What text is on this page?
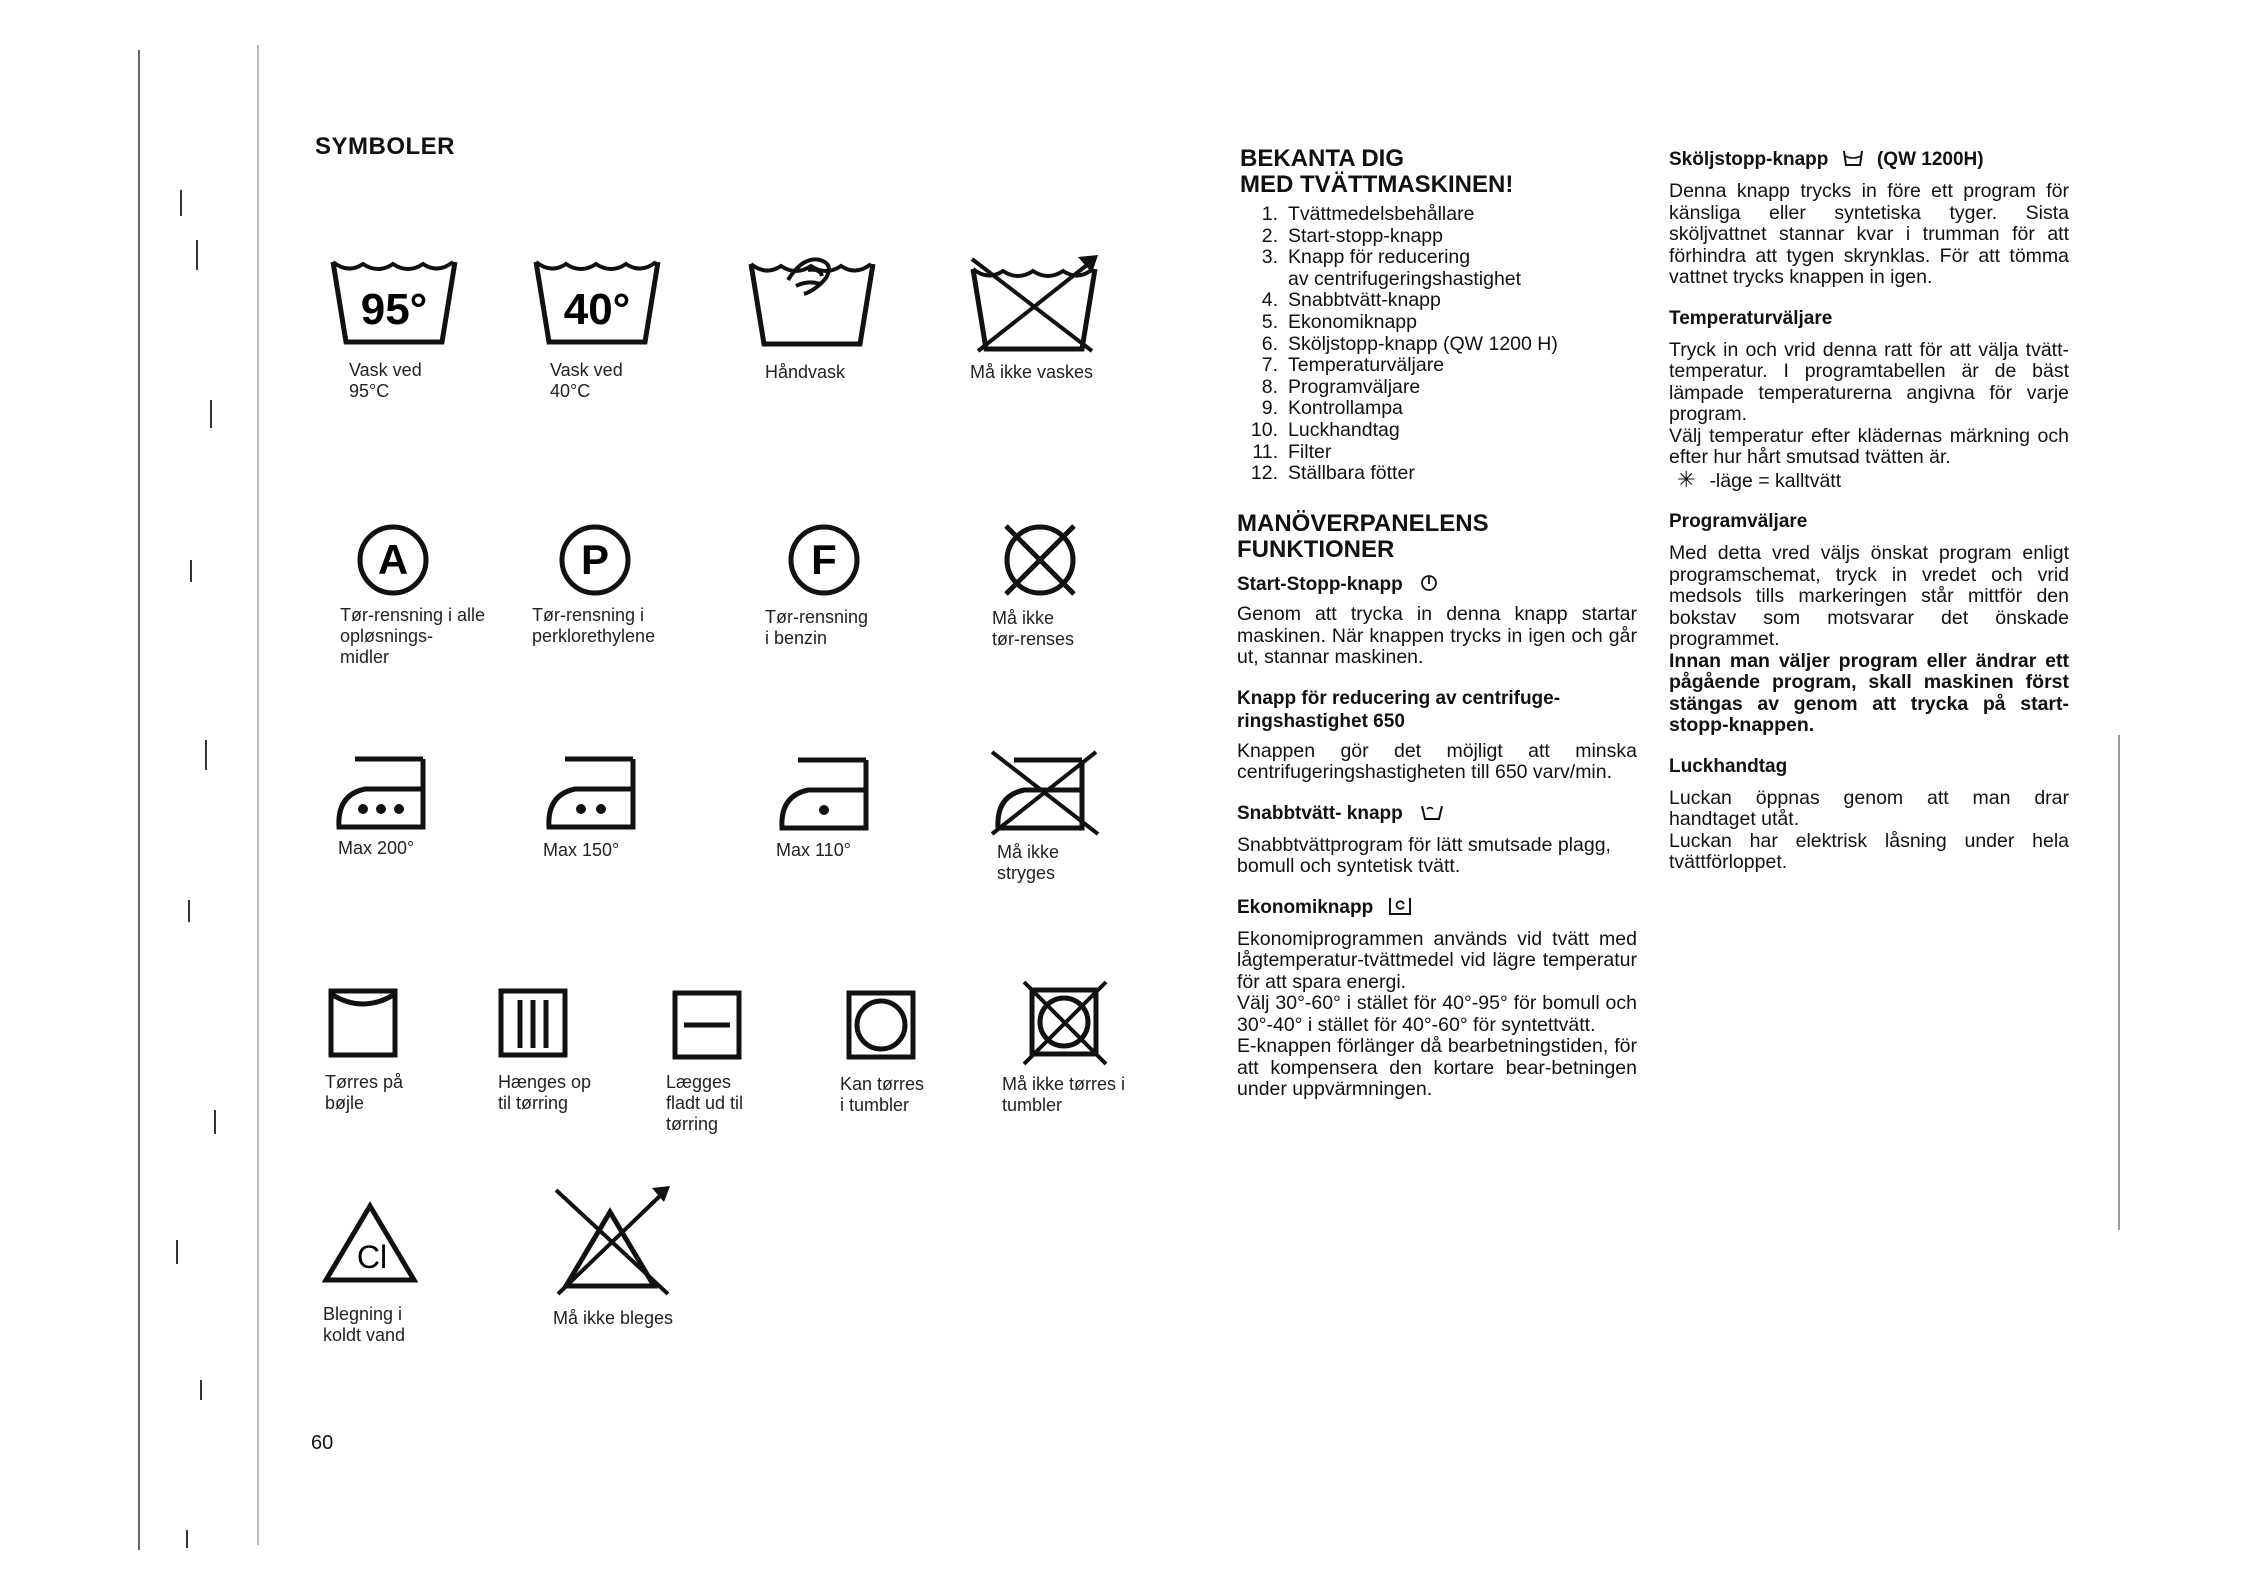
SYMBOLER
95°
Vask ved
95°C
40°
Vask ved
40°C
Håndvask	Må ikke vaskes
A
Tør-rensning i alle
opløsnings-
midler
P
Tør-rensning i
perklorethylene
F
Tør-rensning
i benzin
Må ikke
tør-renses
Max 200°	Max 150°	Max 110°	Må ikke
stryges
Tørres på
bøjle
Hænges op
til tørring
Lægges
fladt ud til
tørring
Kan tørres
i tumbler
Må ikke tørres i
tumbler
Cl
Blegning i
koldt vand
Må ikke bleges
60
BEKANTA DIG
MED TVÄTTMASKINEN!
1. Tvättmedelsbehållare
2. Start-stopp-knapp
3. Knapp för reducering
av centrifugeringshastighet
4. Snabbtvätt-knapp
5. Ekonomiknapp
6. Sköljstopp-knapp (QW 1200 H)
7. Temperaturväljare
8. Programväljare
9. Kontrollampa
10. Luckhandtag
11. Filter
12. Ställbara fötter
MANÖVERPANELENS
FUNKTIONER
Start-Stopp-knapp
Genom att trycka in denna knapp startar maskinen. När knappen trycks in igen och går ut, stannar maskinen.
Knapp för reducering av centrifuge-ringshastighet 650
Knappen gör det möjligt att minska centrifugeringshastigheten till 650 varv/min.
Snabbtvätt- knapp
Snabbtvättprogram för lätt smutsade plagg, bomull och syntetisk tvätt.
Ekonomiknapp
Ekonomiprogrammen används vid tvätt med lågtemperatur-tvättmedel vid lägre temperatur för att spara energi.
Välj 30°-60° i stället för 40°-95° för bomull och 30°-40° i stället för 40°-60° för syntettvätt.
E-knappen förlänger då bearbetningstiden, för att kompensera den kortare bear-betningen under uppvärmningen.
Sköljstopp-knapp	(QW 1200H)
Denna knapp trycks in före ett program för känsliga eller syntetiska tyger. Sista sköljvattnet stannar kvar i trumman för att förhindra att tygen skrynklas. För att tömma vattnet trycks knappen in igen.
Temperaturväljare
Tryck in och vrid denna ratt för att välja tvätt-temperatur. I programtabellen är de bäst lämpade temperaturerna angivna för varje program.
Välj temperatur efter klädernas märkning och efter hur hårt smutsad tvätten är.
✳ -läge = kalltvätt
Programväljare
Med detta vred väljs önskat program enligt programschemat, tryck in vredet och vrid medsols tills markeringen står mittför den bokstav som motsvarar det önskade programmet.
Innan man väljer program eller ändrar ett pågående program, skall maskinen först stängas av genom att trycka på start-stopp-knappen.
Luckhandtag
Luckan öppnas genom att man drar handtaget utåt.
Luckan har elektrisk låsning under hela tvättförloppet.
